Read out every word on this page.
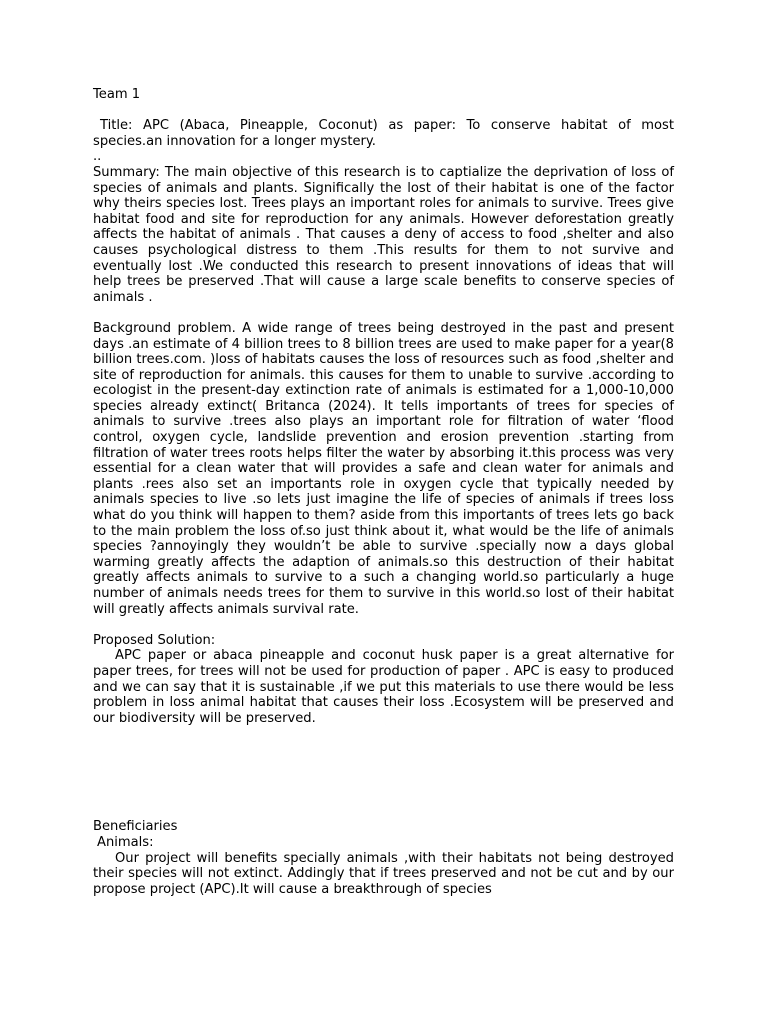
Team 1

Title: APC (Abaca, Pineapple, Coconut) as paper: To conserve habitat of most species.an innovation for a longer mystery.

..

Summary: The main objective of this research is to captialize the deprivation of loss of species of animals and plants. Significally the lost of their habitat is one of the factor why theirs species lost. Trees plays an important roles for animals to survive. Trees give habitat food and site for reproduction for any animals. However deforestation greatly affects the habitat of animals . That causes a deny of access to food ,shelter and also causes psychological distress to them .This results for them to not survive and eventually lost .We conducted this research to present innovations of ideas that will help trees be preserved .That will cause a large scale benefits to conserve species of animals .

Background problem. A wide range of trees being destroyed in the past and present days .an estimate of 4 billion trees to 8 billion trees are used to make paper for a year(8 billion trees.com. )loss of habitats causes the loss of resources such as food ,shelter and site of reproduction for animals. this causes for them to unable to survive .according to ecologist in the present-day extinction rate of animals is estimated for a 1,000-10,000 species already extinct( Britanca (2024). It tells importants of trees for species of animals to survive .trees also plays an important role for filtration of water ‘flood control, oxygen cycle, landslide prevention and erosion prevention .starting from filtration of water trees roots helps filter the water by absorbing it.this process was very essential for a clean water that will provides a safe and clean water for animals and plants .rees also set an importants role in oxygen cycle that typically needed by animals species to live .so lets just imagine the life of species of animals if trees loss what do you think will happen to them? aside from this importants of trees lets go back to the main problem the loss of.so just think about it, what would be the life of animals species ?annoyingly they wouldn’t be able to survive .specially now a days global warming greatly affects the adaption of animals.so this destruction of their habitat greatly affects animals to survive to a such a changing world.so particularly a huge number of animals needs trees for them to survive in this world.so lost of their habitat will greatly affects animals survival rate.

Proposed Solution:

APC paper or abaca pineapple and coconut husk paper is a great alternative for paper trees, for trees will not be used for production of paper . APC is easy to produced and we can say that it is sustainable ,if we put this materials to use there would be less problem in loss animal habitat that causes their loss .Ecosystem will be preserved and our biodiversity will be preserved.

Beneficiaries

Animals:

Our project will benefits specially animals ,with their habitats not being destroyed their species will not extinct. Addingly that if trees preserved and not be cut and by our propose project (APC).It will cause a breakthrough of species
